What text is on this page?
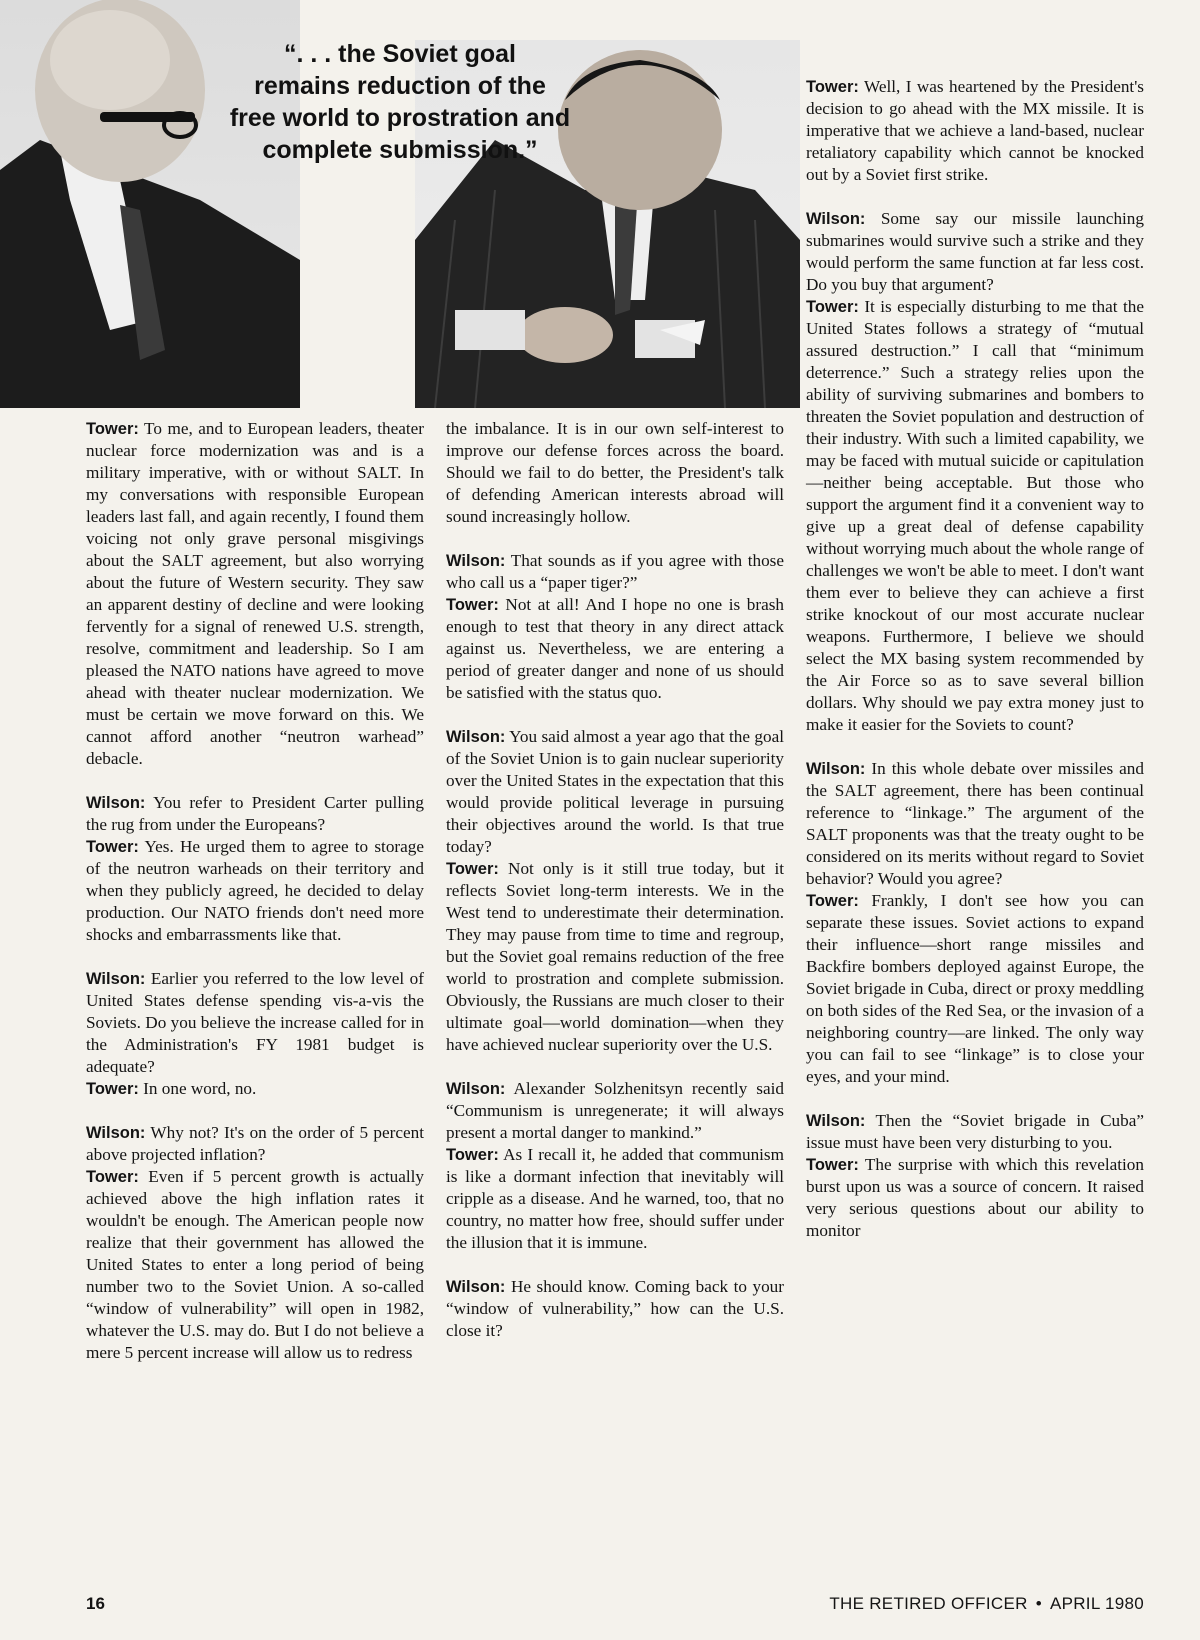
“. . . the Soviet goal
remains reduction of the
free world to prostration and
complete submission.”

Tower: Well, I was heartened by the President's decision to go ahead with the MX missile. It is imperative that we achieve a land-based, nuclear retaliatory capability which cannot be knocked out by a Soviet first strike.

Wilson: Some say our missile launching submarines would survive such a strike and they would perform the same function at far less cost. Do you buy that argument?

Tower: It is especially disturbing to me that the United States follows a strategy of “mutual assured destruction.” I call that “minimum deterrence.” Such a strategy relies upon the ability of surviving submarines and bombers to threaten the Soviet population and destruction of their industry. With such a limited capability, we may be faced with mutual suicide or capitulation—neither being acceptable. But those who support the argument find it a convenient way to give up a great deal of defense capability without worrying much about the whole range of challenges we won't be able to meet. I don't want them ever to believe they can achieve a first strike knockout of our most accurate nuclear weapons. Furthermore, I believe we should select the MX basing system recommended by the Air Force so as to save several billion dollars. Why should we pay extra money just to make it easier for the Soviets to count?

Wilson: In this whole debate over missiles and the SALT agreement, there has been continual reference to “linkage.” The argument of the SALT proponents was that the treaty ought to be considered on its merits without regard to Soviet behavior? Would you agree?

Tower: Frankly, I don't see how you can separate these issues. Soviet actions to expand their influence—short range missiles and Backfire bombers deployed against Europe, the Soviet brigade in Cuba, direct or proxy meddling on both sides of the Red Sea, or the invasion of a neighboring country—are linked. The only way you can fail to see “linkage” is to close your eyes, and your mind.

Wilson: Then the “Soviet brigade in Cuba” issue must have been very disturbing to you.

Tower: The surprise with which this revelation burst upon us was a source of concern. It raised very serious questions about our ability to monitor

Tower: To me, and to European leaders, theater nuclear force modernization was and is a military imperative, with or without SALT. In my conversations with responsible European leaders last fall, and again recently, I found them voicing not only grave personal misgivings about the SALT agreement, but also worrying about the future of Western security. They saw an apparent destiny of decline and were looking fervently for a signal of renewed U.S. strength, resolve, commitment and leadership. So I am pleased the NATO nations have agreed to move ahead with theater nuclear modernization. We must be certain we move forward on this. We cannot afford another “neutron warhead” debacle.

Wilson: You refer to President Carter pulling the rug from under the Europeans?

Tower: Yes. He urged them to agree to storage of the neutron warheads on their territory and when they publicly agreed, he decided to delay production. Our NATO friends don't need more shocks and embarrassments like that.

Wilson: Earlier you referred to the low level of United States defense spending vis-a-vis the Soviets. Do you believe the increase called for in the Administration's FY 1981 budget is adequate?

Tower: In one word, no.

Wilson: Why not? It's on the order of 5 percent above projected inflation?

Tower: Even if 5 percent growth is actually achieved above the high inflation rates it wouldn't be enough. The American people now realize that their government has allowed the United States to enter a long period of being number two to the Soviet Union. A so-called “window of vulnerability” will open in 1982, whatever the U.S. may do. But I do not believe a mere 5 percent increase will allow us to redress

the imbalance. It is in our own self-interest to improve our defense forces across the board. Should we fail to do better, the President's talk of defending American interests abroad will sound increasingly hollow.

Wilson: That sounds as if you agree with those who call us a “paper tiger?”

Tower: Not at all! And I hope no one is brash enough to test that theory in any direct attack against us. Nevertheless, we are entering a period of greater danger and none of us should be satisfied with the status quo.

Wilson: You said almost a year ago that the goal of the Soviet Union is to gain nuclear superiority over the United States in the expectation that this would provide political leverage in pursuing their objectives around the world. Is that true today?

Tower: Not only is it still true today, but it reflects Soviet long-term interests. We in the West tend to underestimate their determination. They may pause from time to time and regroup, but the Soviet goal remains reduction of the free world to prostration and complete submission. Obviously, the Russians are much closer to their ultimate goal—world domination—when they have achieved nuclear superiority over the U.S.

Wilson: Alexander Solzhenitsyn recently said “Communism is unregenerate; it will always present a mortal danger to mankind.”

Tower: As I recall it, he added that communism is like a dormant infection that inevitably will cripple as a disease. And he warned, too, that no country, no matter how free, should suffer under the illusion that it is immune.

Wilson: He should know. Coming back to your “window of vulnerability,” how can the U.S. close it?

16	THE RETIRED OFFICER • APRIL 1980
